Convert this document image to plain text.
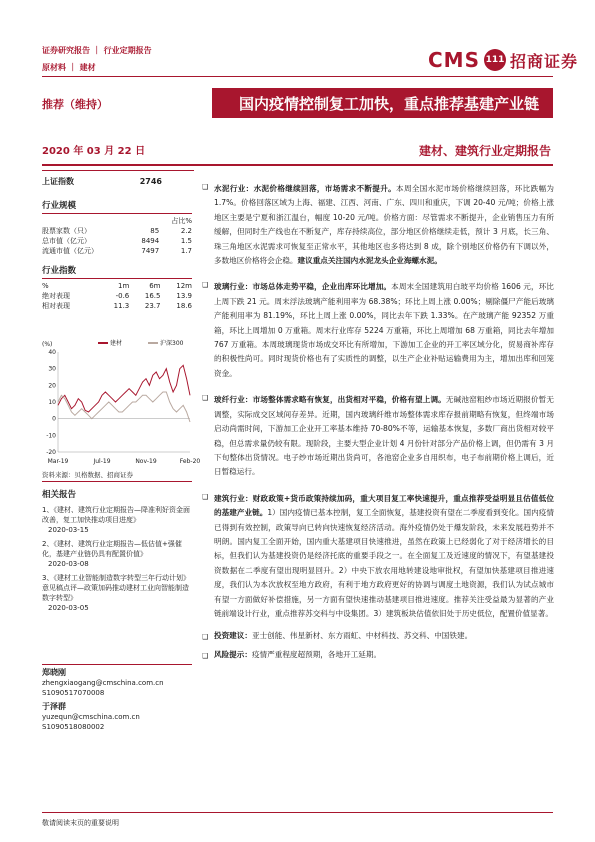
证券研究报告 ｜ 行业定期报告
原材料 ｜ 建材	CMS 111 招商证券
推荐（维持）	国内疫情控制复工加快，重点推荐基建产业链
2020 年 03 月 22 日	建材、建筑行业定期报告
上证指数	2746
行业规模
		占比%
股票家数（只）	85	2.2
总市值（亿元）	8494	1.5
流通市值（亿元）	7497	1.7
行业指数
%	1m	6m	12m
绝对表现	-0.6	16.5	13.9
相对表现	11.3	23.7	18.6
(%)
-20
-10
0
10
20
30
40
Mar-19	Jul-19	Nov-19	Feb-20
建材	沪深300
资料来源：贝格数据、招商证券
相关报告
1、《建材、建筑行业定期报告—降准利好资金面改善，复工加快推动项目进度》
2020-03-15
2、《建材、建筑行业定期报告—低估值+强催化，基建产业链仍具有配置价值》
2020-03-08
3、《建材工业智能制造数字转型三年行动计划》意见稿点评—政策加码推动建材工业向智能制造数字转型》
2020-03-05
郑晓刚
zhengxiaogang@cmschina.com.cn
S1090517070008
于泽群
yuzequn@cmschina.com.cn
S1090518080002
❑ 水泥行业：水泥价格继续回落，市场需求不断提升。本周全国水泥市场价格继续回落，环比跌幅为 1.7%。价格回落区域为上海、福建、江西、河南、广东、四川和重庆，下调 20-40 元/吨；价格上涨地区主要是宁夏和浙江温台，幅度 10-20 元/吨。价格方面：尽管需求不断提升，企业销售压力有所缓解，但同时生产线也在不断复产，库存持续高位，部分地区价格继续走低，预计 3 月底，长三角、珠三角地区水泥需求可恢复至正常水平，其他地区也多将达到 8 成，除个别地区价格仍有下调以外，多数地区价格将会企稳。建议重点关注国内水泥龙头企业海螺水泥。
❑ 玻璃行业：市场总体走势平稳，企业出库环比增加。本周末全国建筑用白玻平均价格 1606 元，环比上周下跌 21 元。周末浮法玻璃产能利用率为 68.38%；环比上周上涨 0.00%；剔除僵尸产能后玻璃产能利用率为 81.19%，环比上周上涨 0.00%，同比去年下跌 1.33%。在产玻璃产能 92352 万重箱，环比上周增加 0 万重箱。周末行业库存 5224 万重箱，环比上周增加 68 万重箱，同比去年增加 767 万重箱。本周玻璃现货市场成交环比有所增加，下游加工企业的开工率区域分化，贸易商补库存的积极性尚可。同时现货价格也有了实质性的调整，以生产企业补贴运输费用为主，增加出库和回笼资金。
❑ 玻纤行业：市场整体需求略有恢复，出货相对平稳，价格有望上调。无碱池窑粗纱市场近期报价暂无调整，实际成交区域间存差异。近期，国内玻璃纤维市场整体需求库存报前期略有恢复，但终端市场启动尚需时间，下游加工企业开工率基本维持 70-80%不等，运输基本恢复，多数厂商出货相对较平稳，但总需求量仍较有限。现阶段，主要大型企业计划 4 月份针对部分产品价格上调，但仍需有 3 月下旬整体出货情况。电子纱市场近期出货尚可，各池窑企业多自用织布，电子布前期价格上调后，近日暂稳运行。
❑ 建筑行业：财政政策+货币政策持续加码，重大项目复工率快速提升，重点推荐受益明显且估值低位的基建产业链。1）国内疫情已基本控制，复工全面恢复，基建投资有望在二季度看到变化。国内疫情已得到有效控制，政策导向已转向快速恢复经济活动。海外疫情仍处于爆发阶段，未来发展趋势并不明朗。国内复工全面开始，国内重大基建项目快速推进，虽然在政策上已经弱化了对于经济增长的目标，但我们认为基建投资仍是经济托底的重要手段之一。在全面复工及近速度的情况下，有望基建投资数据在二季度有望出现明显回升。2）中央下放农用地转建设地审批权，有望加快基建项目推进速度，我们认为本次放权至地方政府，有利于地方政府更好的协调与调度土地资源，我们认为试点城市有望一方面做好补偿措施，另一方面有望快速推动基建项目推进速度。推荐关注受益最为显著的产业链前端设计行业，重点推荐苏交科与中设集团。3）建筑板块估值依旧处于历史低位，配置价值显著。
❑ 投资建议：亚士创能、伟星新材、东方雨虹、中材科技、苏交科、中国铁建。
❑ 风险提示：疫情严重程度超预期，各地开工延期。
敬请阅读末页的重要说明
